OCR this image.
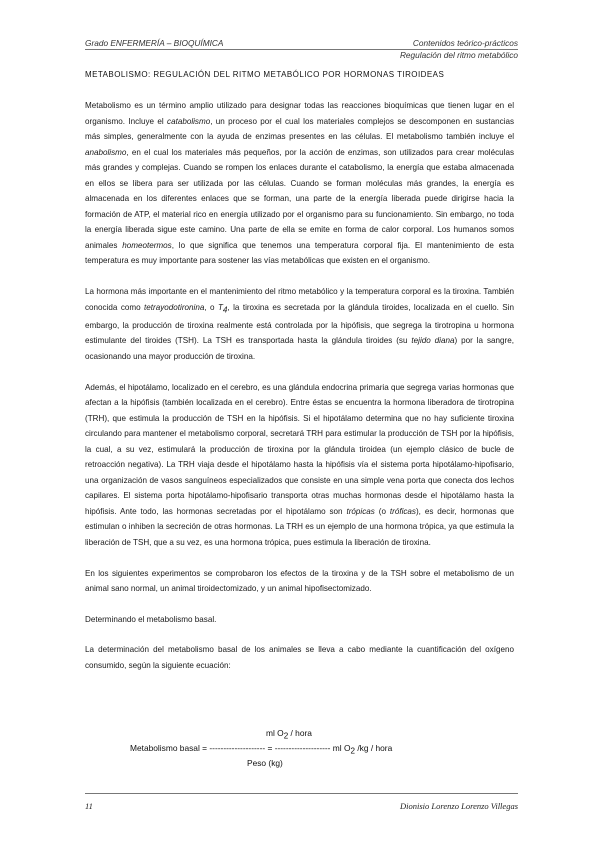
Grado ENFERMERÍA – BIOQUÍMICA	Contenidos teórico-prácticos
Regulación del ritmo metabólico
METABOLISMO: REGULACIÓN DEL RITMO METABÓLICO POR HORMONAS TIROIDEAS

Metabolismo es un término amplio utilizado para designar todas las reacciones bioquímicas que tienen lugar en el organismo. Incluye el catabolismo, un proceso por el cual los materiales complejos se descomponen en sustancias más simples, generalmente con la ayuda de enzimas presentes en las células. El metabolismo también incluye el anabolismo, en el cual los materiales más pequeños, por la acción de enzimas, son utilizados para crear moléculas más grandes y complejas. Cuando se rompen los enlaces durante el catabolismo, la energía que estaba almacenada en ellos se libera para ser utilizada por las células. Cuando se forman moléculas más grandes, la energía es almacenada en los diferentes enlaces que se forman, una parte de la energía liberada puede dirigirse hacia la formación de ATP, el material rico en energía utilizado por el organismo para su funcionamiento. Sin embargo, no toda la energía liberada sigue este camino. Una parte de ella se emite en forma de calor corporal. Los humanos somos animales homeotermos, lo que significa que tenemos una temperatura corporal fija. El mantenimiento de esta temperatura es muy importante para sostener las vías metabólicas que existen en el organismo.

La hormona más importante en el mantenimiento del ritmo metabólico y la temperatura corporal es la tiroxina. También conocida como tetrayodotironina, o $T_4$, la tiroxina es secretada por la glándula tiroides, localizada en el cuello. Sin embargo, la producción de tiroxina realmente está controlada por la hipófisis, que segrega la tirotropina u hormona estimulante del tiroides (TSH). La TSH es transportada hasta la glándula tiroides (su tejido diana) por la sangre, ocasionando una mayor producción de tiroxina.

Además, el hipotálamo, localizado en el cerebro, es una glándula endocrina primaria que segrega varias hormonas que afectan a la hipófisis (también localizada en el cerebro). Entre éstas se encuentra la hormona liberadora de tirotropina (TRH), que estimula la producción de TSH en la hipófisis. Si el hipotálamo determina que no hay suficiente tiroxina circulando para mantener el metabolismo corporal, secretará TRH para estimular la producción de TSH por la hipófisis, la cual, a su vez, estimulará la producción de tiroxina por la glándula tiroidea (un ejemplo clásico de bucle de retroacción negativa). La TRH viaja desde el hipotálamo hasta la hipófisis vía el sistema porta hipotálamo-hipofisario, una organización de vasos sanguíneos especializados que consiste en una simple vena porta que conecta dos lechos capilares. El sistema porta hipotálamo-hipofisario transporta otras muchas hormonas desde el hipotálamo hasta la hipófisis. Ante todo, las hormonas secretadas por el hipotálamo son trópicas (o tróficas), es decir, hormonas que estimulan o inhiben la secreción de otras hormonas. La TRH es un ejemplo de una hormona trópica, ya que estimula la liberación de TSH, que a su vez, es una hormona trópica, pues estimula la liberación de tiroxina.

En los siguientes experimentos se comprobaron los efectos de la tiroxina y de la TSH sobre el metabolismo de un animal sano normal, un animal tiroidectomizado, y un animal hipofisectomizado.

Determinando el metabolismo basal.

La determinación del metabolismo basal de los animales se lleva a cabo mediante la cuantificación del oxígeno consumido, según la siguiente ecuación:

ml $O_2$ / hora
Metabolismo basal = -------------------- = -------------------- ml $O_2$ /kg / hora
Peso (kg)
11	Dionisio Lorenzo Lorenzo Villegas
